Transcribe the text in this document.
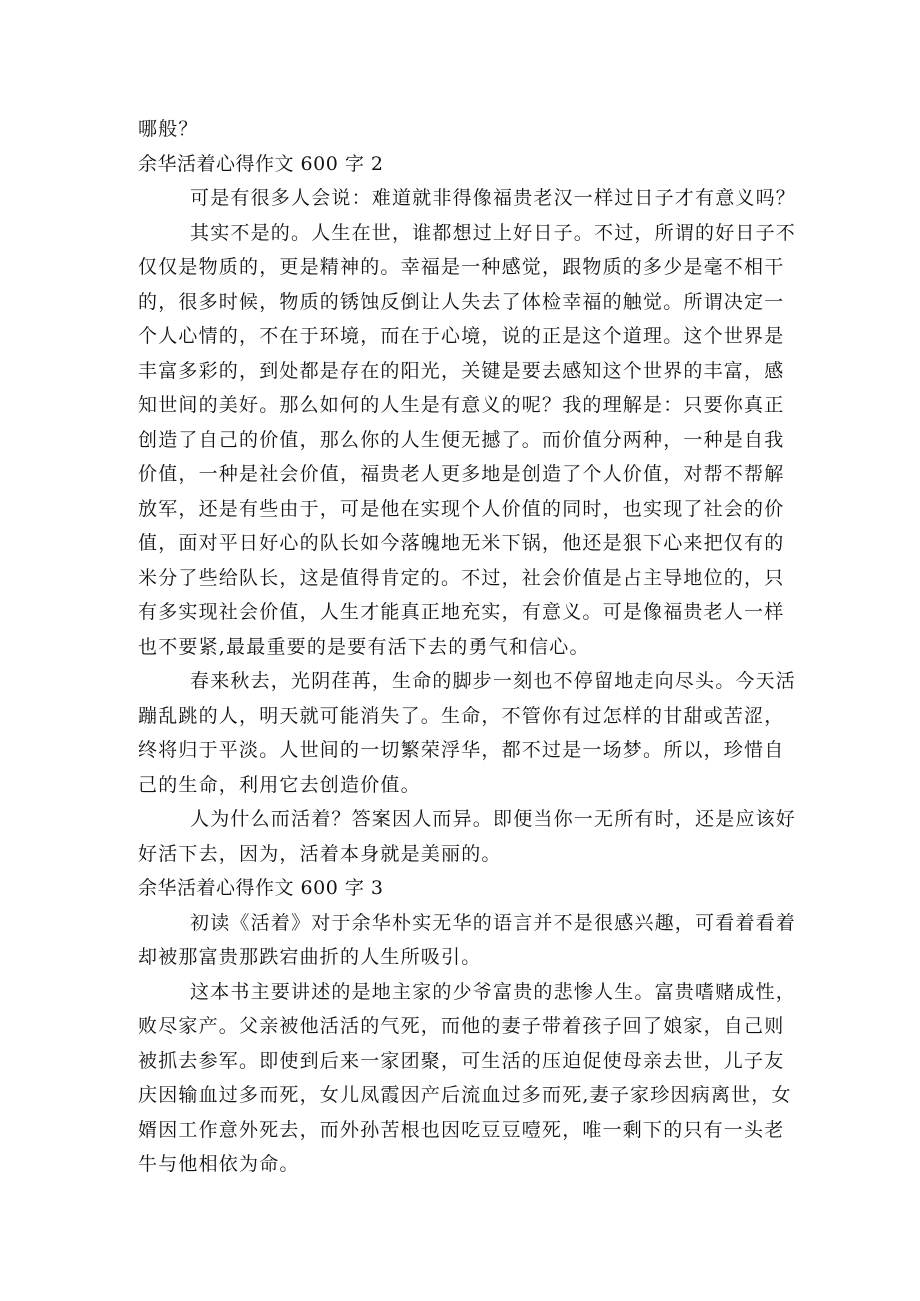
哪般？
余华活着心得作文 600 字 2
可是有很多人会说：难道就非得像福贵老汉一样过日子才有意义吗？
其实不是的。人生在世，谁都想过上好日子。不过，所谓的好日子不
仅仅是物质的，更是精神的。幸福是一种感觉，跟物质的多少是毫不相干
的，很多时候，物质的锈蚀反倒让人失去了体检幸福的触觉。所谓决定一
个人心情的，不在于环境，而在于心境，说的正是这个道理。这个世界是
丰富多彩的，到处都是存在的阳光，关键是要去感知这个世界的丰富，感
知世间的美好。那么如何的人生是有意义的呢？我的理解是：只要你真正
创造了自己的价值，那么你的人生便无撼了。而价值分两种，一种是自我
价值，一种是社会价值，福贵老人更多地是创造了个人价值，对帮不帮解
放军，还是有些由于，可是他在实现个人价值的同时，也实现了社会的价
值，面对平日好心的队长如今落魄地无米下锅，他还是狠下心来把仅有的
米分了些给队长，这是值得肯定的。不过，社会价值是占主导地位的，只
有多实现社会价值，人生才能真正地充实，有意义。可是像福贵老人一样
也不要紧,最最重要的是要有活下去的勇气和信心。
春来秋去，光阴荏苒，生命的脚步一刻也不停留地走向尽头。今天活
蹦乱跳的人，明天就可能消失了。生命，不管你有过怎样的甘甜或苦涩，
终将归于平淡。人世间的一切繁荣浮华，都不过是一场梦。所以，珍惜自
己的生命，利用它去创造价值。
人为什么而活着？答案因人而异。即便当你一无所有时，还是应该好
好活下去，因为，活着本身就是美丽的。
余华活着心得作文 600 字 3
初读《活着》对于余华朴实无华的语言并不是很感兴趣，可看着看着
却被那富贵那跌宕曲折的人生所吸引。
这本书主要讲述的是地主家的少爷富贵的悲惨人生。富贵嗜赌成性，
败尽家产。父亲被他活活的气死，而他的妻子带着孩子回了娘家，自己则
被抓去参军。即使到后来一家团聚，可生活的压迫促使母亲去世，儿子友
庆因输血过多而死，女儿凤霞因产后流血过多而死,妻子家珍因病离世，女
婿因工作意外死去，而外孙苦根也因吃豆豆噎死，唯一剩下的只有一头老
牛与他相依为命。
